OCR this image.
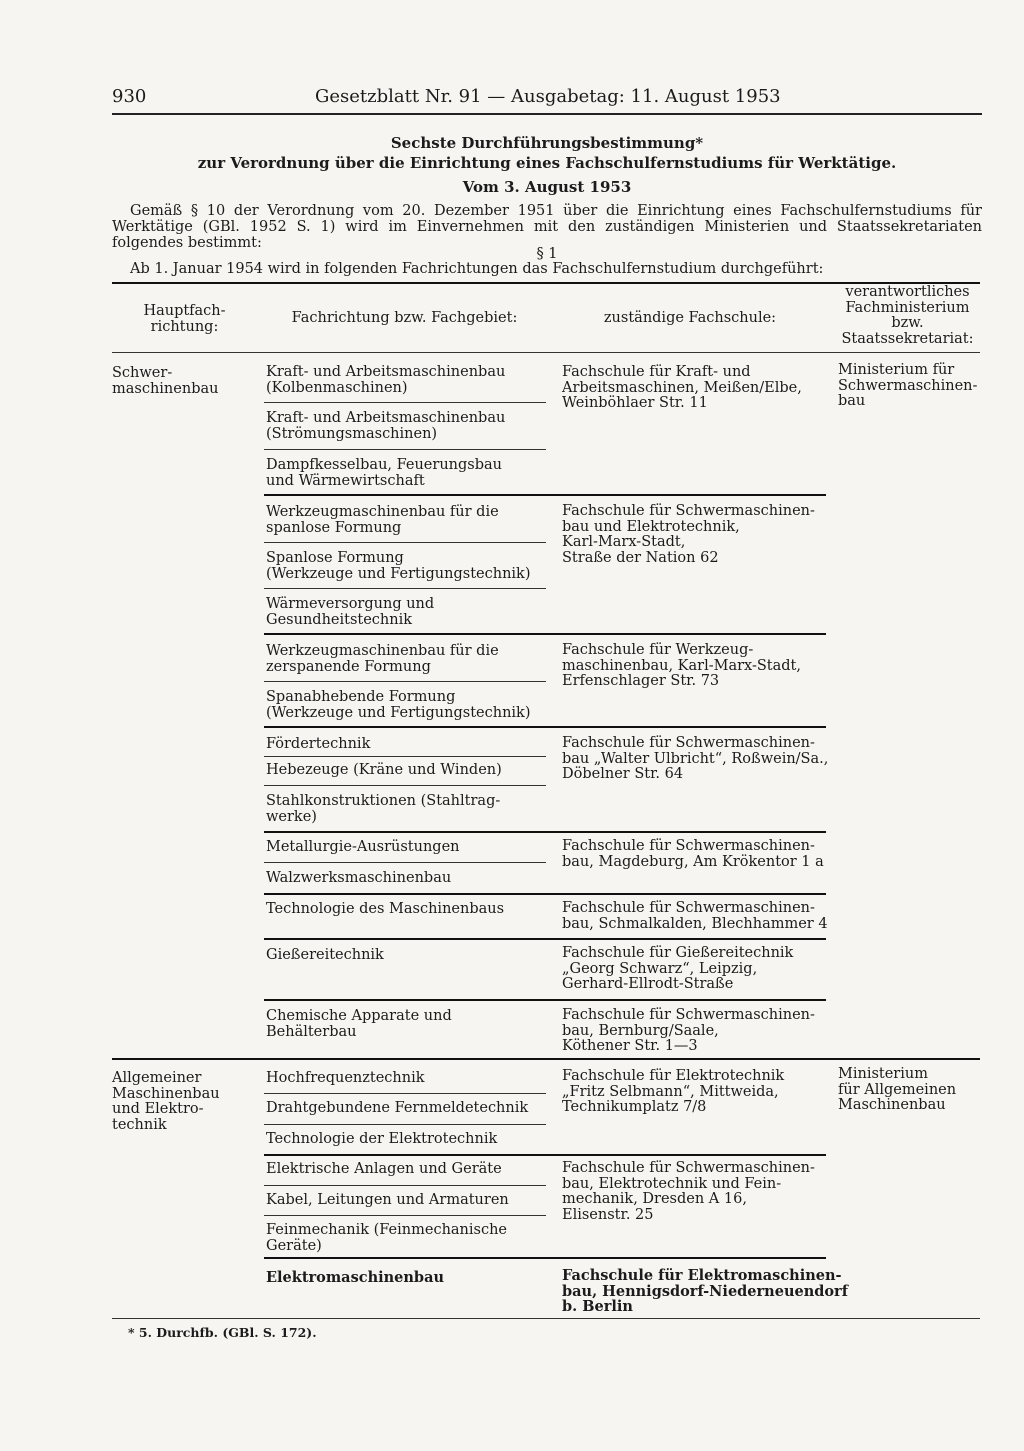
930	Gesetzblatt Nr. 91 — Ausgabetag: 11. August 1953
Sechste Durchführungsbestimmung*
zur Verordnung über die Einrichtung eines Fachschulfernstudiums für Werktätige.
Vom 3. August 1953
Gemäß § 10 der Verordnung vom 20. Dezember 1951 über die Einrichtung eines Fachschulfernstudiums für Werktätige (GBl. 1952 S. 1) wird im Einvernehmen mit den zuständigen Ministerien und Staatssekretariaten folgendes bestimmt:
§ 1
Ab 1. Januar 1954 wird in folgenden Fachrichtungen das Fachschulfernstudium durchgeführt:
Hauptfach-
richtung:
Fachrichtung bzw. Fachgebiet:	zuständige Fachschule:
verantwortliches
Fachministerium
bzw.
Staatssekretariat:
Schwer-
maschinenbau
Allgemeiner
Maschinenbau
und Elektro-
technik
Ministerium für
Schwermaschinen-
bau
Ministerium
für Allgemeinen
Maschinenbau
Kraft- und Arbeitsmaschinenbau
(Kolbenmaschinen)
Kraft- und Arbeitsmaschinenbau
(Strömungsmaschinen)
Dampfkesselbau, Feuerungsbau
und Wärmewirtschaft
Werkzeugmaschinenbau für die
spanlose Formung
Spanlose Formung
(Werkzeuge und Fertigungstechnik)
Wärmeversorgung und
Gesundheitstechnik
Werkzeugmaschinenbau für die
zerspanende Formung
Spanabhebende Formung
(Werkzeuge und Fertigungstechnik)
Fördertechnik
Hebezeuge (Kräne und Winden)
Stahlkonstruktionen (Stahltrag-
werke)
Metallurgie-Ausrüstungen
Walzwerksmaschinenbau
Technologie des Maschinenbaus
Gießereitechnik
Chemische Apparate und
Behälterbau
Hochfrequenztechnik
Drahtgebundene Fernmeldetechnik
Technologie der Elektrotechnik
Elektrische Anlagen und Geräte
Kabel, Leitungen und Armaturen
Feinmechanik (Feinmechanische
Geräte)
Elektromaschinenbau
Fachschule für Kraft- und
Arbeitsmaschinen, Meißen/Elbe,
Weinböhlaer Str. 11
Fachschule für Schwermaschinen-
bau und Elektrotechnik,
Karl-Marx-Stadt,
Straße der Nation 62
Fachschule für Werkzeug-
maschinenbau, Karl-Marx-Stadt,
Erfenschlager Str. 73
Fachschule für Schwermaschinen-
bau „Walter Ulbricht“, Roßwein/Sa.,
Döbelner Str. 64
Fachschule für Schwermaschinen-
bau, Magdeburg, Am Krökentor 1 a
Fachschule für Schwermaschinen-
bau, Schmalkalden, Blechhammer 4
Fachschule für Gießereitechnik
„Georg Schwarz“, Leipzig,
Gerhard-Ellrodt-Straße
Fachschule für Schwermaschinen-
bau, Bernburg/Saale,
Köthener Str. 1—3
Fachschule für Elektrotechnik
„Fritz Selbmann“, Mittweida,
Technikumplatz 7/8
Fachschule für Schwermaschinen-
bau, Elektrotechnik und Fein-
mechanik, Dresden A 16,
Elisenstr. 25
Fachschule für Elektromaschinen-
bau, Hennigsdorf-Niederneuendorf
b. Berlin
* 5. Durchfb. (GBl. S. 172).
